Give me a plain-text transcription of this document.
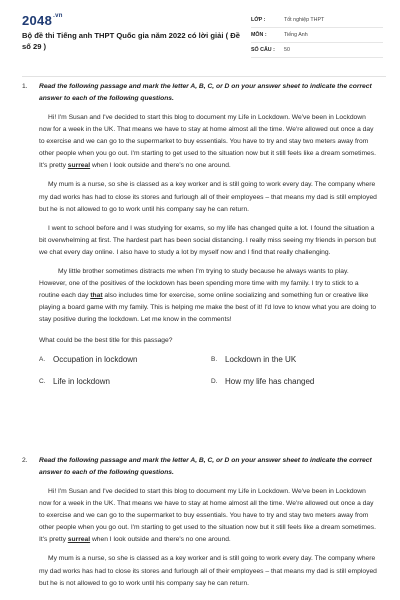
$2048^{.vn}$
Bộ đề thi Tiếng anh THPT Quốc gia năm 2022 có lời giải ( Đề số 29 )
LỚP :	Tốt nghiệp THPT
MÔN :	Tiếng Anh
SỐ CÂU :	50
1. Read the following passage and mark the letter A, B, C, or D on your answer sheet to indicate the correct answer to each of the following questions.
Hi! I'm Susan and I've decided to start this blog to document my Life in Lockdown. We've been in Lockdown now for a week in the UK. That means we have to stay at home almost all the time. We're allowed out once a day to exercise and we can go to the supermarket to buy essentials. You have to try and stay two meters away from other people when you go out. I'm starting to get used to the situation now but it still feels like a dream sometimes. It's pretty surreal when I look outside and there's no one around.
My mum is a nurse, so she is classed as a key worker and is still going to work every day. The company where my dad works has had to close its stores and furlough all of their employees – that means my dad is still employed but he is not allowed to go to work until his company say he can return.
I went to school before and I was studying for exams, so my life has changed quite a lot. I found the situation a bit overwhelming at first. The hardest part has been social distancing. I really miss seeing my friends in person but we chat every day online. I also have to study a lot by myself now and I find that really challenging.
My little brother sometimes distracts me when I'm trying to study because he always wants to play. However, one of the positives of the lockdown has been spending more time with my family. I try to stick to a routine each day that also includes time for exercise, some online socializing and something fun or creative like playing a board game with my family. This is helping me make the best of it! I'd love to know what you are doing to stay positive during the lockdown. Let me know in the comments!
What could be the best title for this passage?
A. Occupation in lockdown	B. Lockdown in the UK
C. Life in lockdown	D. How my life has changed
2. Read the following passage and mark the letter A, B, C, or D on your answer sheet to indicate the correct answer to each of the following questions.
Hi! I'm Susan and I've decided to start this blog to document my Life in Lockdown. We've been in Lockdown now for a week in the UK. That means we have to stay at home almost all the time. We're allowed out once a day to exercise and we can go to the supermarket to buy essentials. You have to try and stay two meters away from other people when you go out. I'm starting to get used to the situation now but it still feels like a dream sometimes. It's pretty surreal when I look outside and there's no one around.
My mum is a nurse, so she is classed as a key worker and is still going to work every day. The company where my dad works has had to close its stores and furlough all of their employees – that means my dad is still employed but he is not allowed to go to work until his company say he can return.
